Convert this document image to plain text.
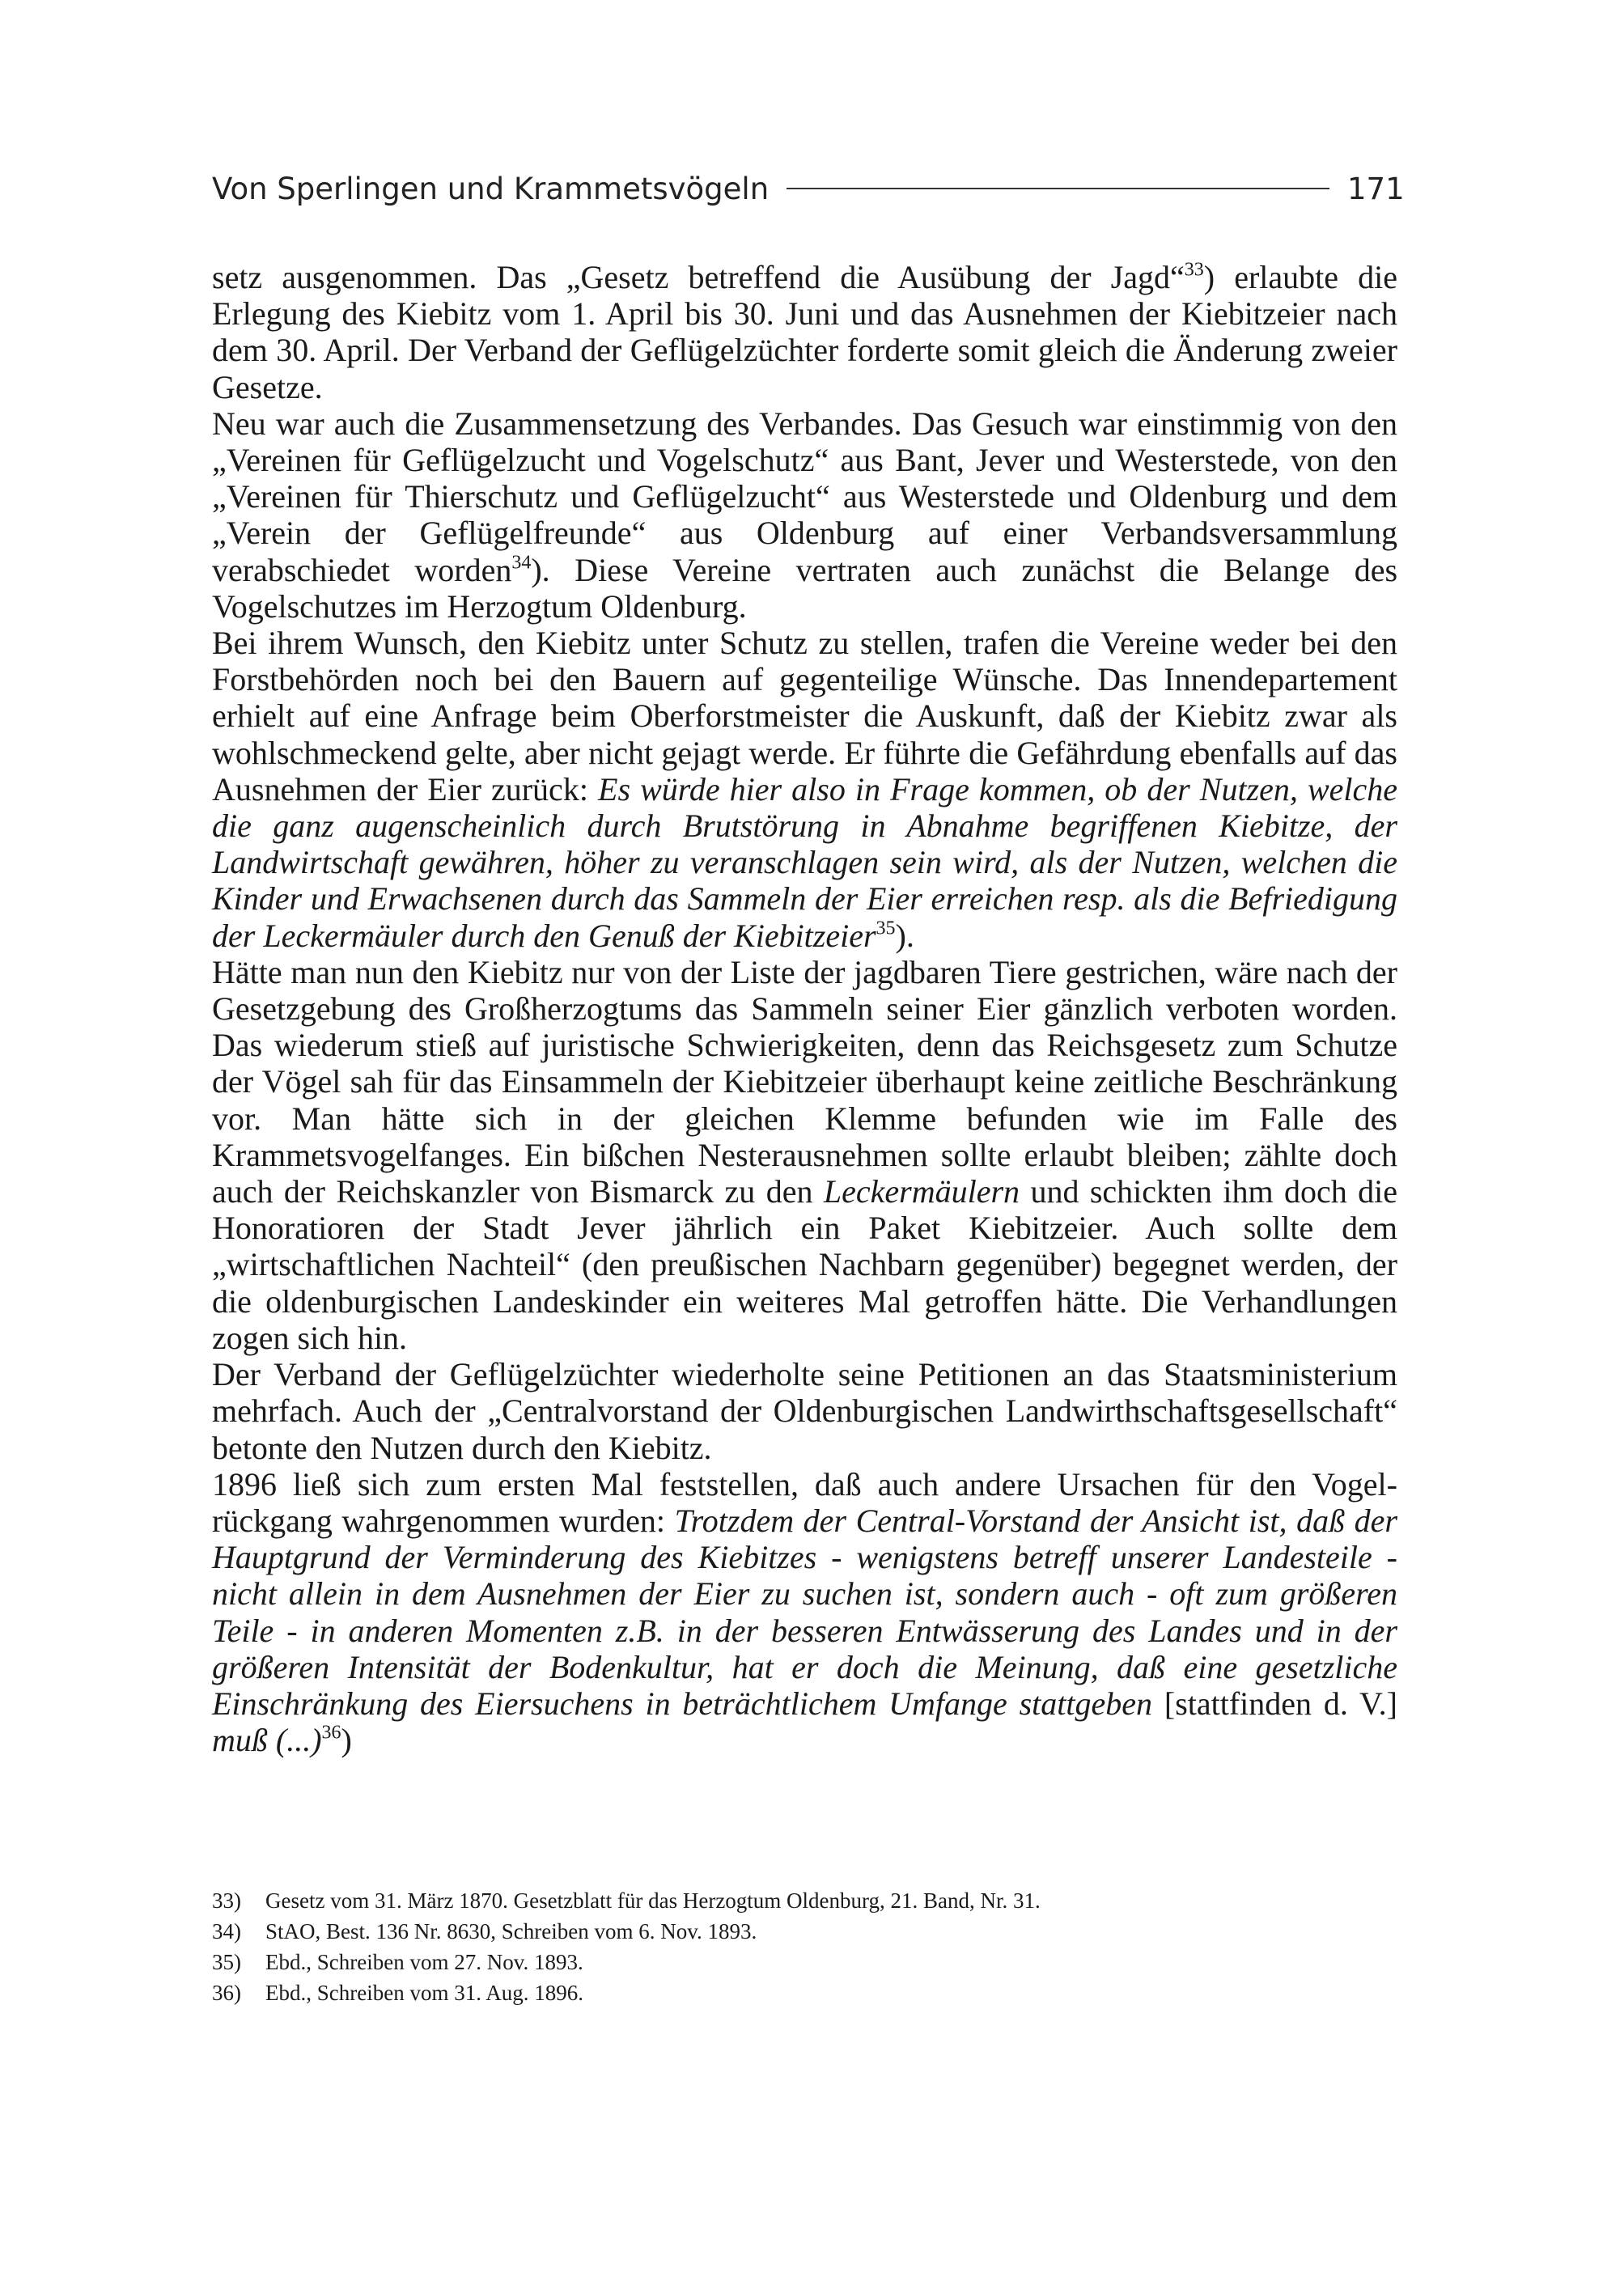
Von Sperlingen und Krammetsvögeln	171

setz ausgenommen. Das „Gesetz betreffend die Ausübung der Jagd“$^{33}$) erlaubte die Erlegung des Kiebitz vom 1. April bis 30. Juni und das Ausnehmen der Kiebitzeier nach dem 30. April. Der Verband der Geflügelzüchter forderte somit gleich die Änderung zweier Gesetze.

Neu war auch die Zusammensetzung des Verbandes. Das Gesuch war einstimmig von den „Vereinen für Geflügelzucht und Vogelschutz“ aus Bant, Jever und Westerstede, von den „Vereinen für Thierschutz und Geflügelzucht“ aus Westerstede und Oldenburg und dem „Verein der Geflügelfreunde“ aus Oldenburg auf einer Verbandsversammlung verabschiedet worden$^{34}$). Diese Vereine vertraten auch zunächst die Belange des Vogelschutzes im Herzogtum Oldenburg.

Bei ihrem Wunsch, den Kiebitz unter Schutz zu stellen, trafen die Vereine weder bei den Forstbehörden noch bei den Bauern auf gegenteilige Wünsche. Das Innendepartement erhielt auf eine Anfrage beim Oberforstmeister die Auskunft, daß der Kiebitz zwar als wohlschmeckend gelte, aber nicht gejagt werde. Er führte die Gefährdung ebenfalls auf das Ausnehmen der Eier zurück: Es würde hier also in Frage kommen, ob der Nutzen, welche die ganz augenscheinlich durch Brutstörung in Abnahme begriffenen Kiebitze, der Landwirtschaft gewähren, höher zu veranschlagen sein wird, als der Nutzen, welchen die Kinder und Erwachsenen durch das Sammeln der Eier erreichen resp. als die Befriedigung der Leckermäuler durch den Genuß der Kiebitzeier$^{35}$).

Hätte man nun den Kiebitz nur von der Liste der jagdbaren Tiere gestrichen, wäre nach der Gesetzgebung des Großherzogtums das Sammeln seiner Eier gänzlich verboten worden. Das wiederum stieß auf juristische Schwierigkeiten, denn das Reichsgesetz zum Schutze der Vögel sah für das Einsammeln der Kiebitzeier überhaupt keine zeitliche Beschränkung vor. Man hätte sich in der gleichen Klemme befunden wie im Falle des Krammetsvogelfanges. Ein bißchen Nesterausnehmen sollte erlaubt bleiben; zählte doch auch der Reichskanzler von Bismarck zu den Leckermäulern und schickten ihm doch die Honoratioren der Stadt Jever jährlich ein Paket Kiebitzeier. Auch sollte dem „wirtschaftlichen Nachteil“ (den preußischen Nachbarn gegenüber) begegnet werden, der die oldenburgischen Landeskinder ein weiteres Mal getroffen hätte. Die Verhandlungen zogen sich hin.

Der Verband der Geflügelzüchter wiederholte seine Petitionen an das Staatsministerium mehrfach. Auch der „Centralvorstand der Oldenburgischen Landwirthschaftsgesellschaft“ betonte den Nutzen durch den Kiebitz.

1896 ließ sich zum ersten Mal feststellen, daß auch andere Ursachen für den Vogelrückgang wahrgenommen wurden: Trotzdem der Central-Vorstand der Ansicht ist, daß der Hauptgrund der Verminderung des Kiebitzes - wenigstens betreff unserer Landesteile - nicht allein in dem Ausnehmen der Eier zu suchen ist, sondern auch - oft zum größeren Teile - in anderen Momenten z.B. in der besseren Entwässerung des Landes und in der größeren Intensität der Bodenkultur, hat er doch die Meinung, daß eine gesetzliche Einschränkung des Eiersuchens in beträchtlichem Umfange stattgeben [stattfinden d. V.] muß (...)$^{36}$)

33)	Gesetz vom 31. März 1870. Gesetzblatt für das Herzogtum Oldenburg, 21. Band, Nr. 31.
34)	StAO, Best. 136 Nr. 8630, Schreiben vom 6. Nov. 1893.
35)	Ebd., Schreiben vom 27. Nov. 1893.
36)	Ebd., Schreiben vom 31. Aug. 1896.
